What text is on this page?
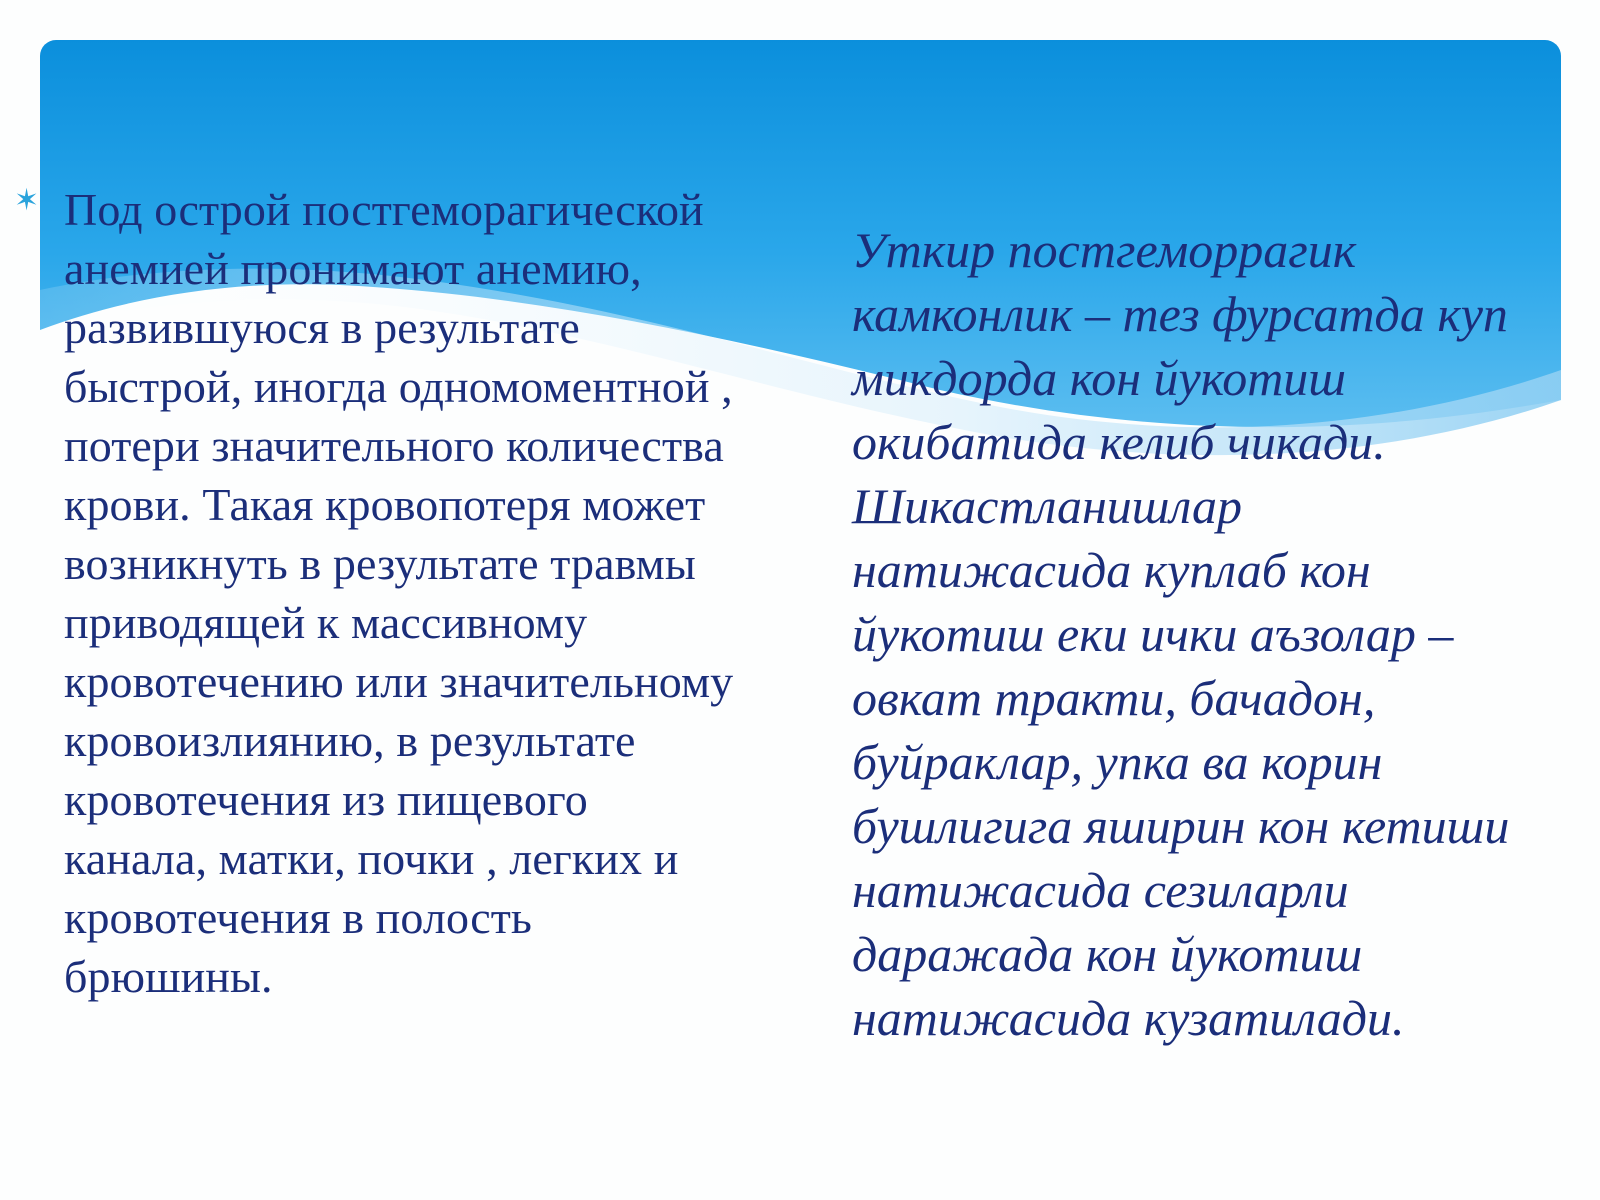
✶ Под острой постгеморагической
анемией пронимают анемию,
развившуюся в результате
быстрой, иногда одномоментной ,
потери значительного количества
крови. Такая кровопотеря может
возникнуть в результате травмы
приводящей к массивному
кровотечению или значительному
кровоизлиянию, в результате
кровотечения из пищевого
канала, матки, почки , легких и
кровотечения в полость
брюшины.
Уткир постгеморрагик
камконлик – тез фурсатда куп
микдорда кон йукотиш
окибатида келиб чикади.
Шикастланишлар
натижасида куплаб кон
йукотиш еки ички аъзолар –
овкат тракти, бачадон,
буйраклар, упка ва корин
бушлигига яширин кон кетиши
натижасида сезиларли
даражада кон йукотиш
натижасида кузатилади.
